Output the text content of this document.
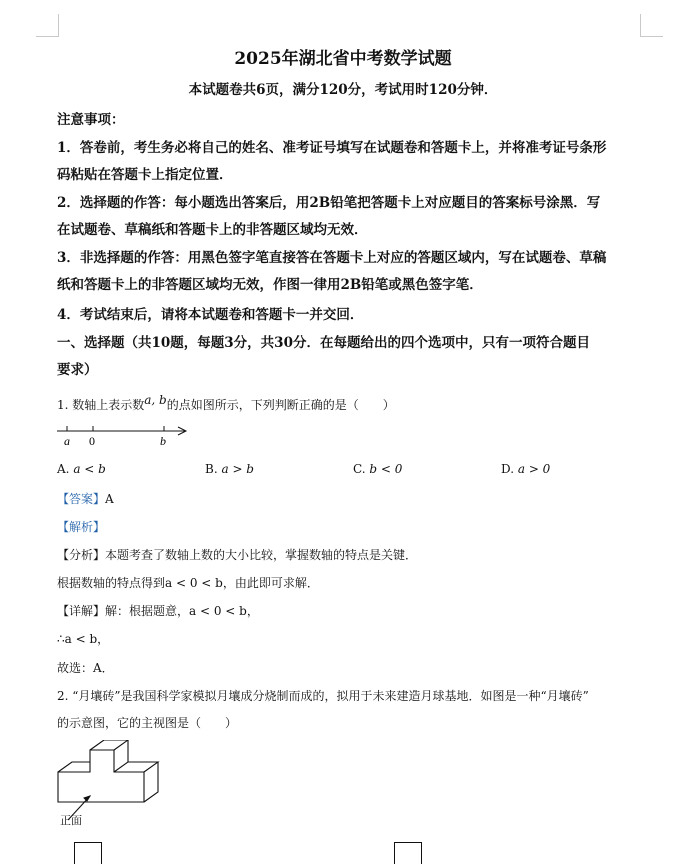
2025年湖北省中考数学试题
本试题卷共6页，满分120分，考试用时120分钟．
注意事项：
1．答卷前，考生务必将自己的姓名、准考证号填写在试题卷和答题卡上，并将准考证号条形
码粘贴在答题卡上指定位置．
2．选择题的作答：每小题选出答案后，用2B铅笔把答题卡上对应题目的答案标号涂黑．写
在试题卷、草稿纸和答题卡上的非答题区域均无效．
3．非选择题的作答：用黑色签字笔直接答在答题卡上对应的答题区域内，写在试题卷、草稿
纸和答题卡上的非答题区域均无效，作图一律用2B铅笔或黑色签字笔．
4．考试结束后，请将本试题卷和答题卡一并交回．
一、选择题（共10题，每题3分，共30分．在每题给出的四个选项中，只有一项符合题目
要求）
1. 数轴上表示数a, b的点如图所示，下列判断正确的是（　　）
a 0	b
A. a < b	B. a > b	C. b < 0	D. a > 0
【答案】A
【解析】
【分析】本题考查了数轴上数的大小比较，掌握数轴的特点是关键．
根据数轴的特点得到a < 0 < b，由此即可求解．
【详解】解：根据题意，a < 0 < b，
∴a < b，
故选：A．
2. “月壤砖”是我国科学家模拟月壤成分烧制而成的，拟用于未来建造月球基地．如图是一种“月壤砖”
的示意图，它的主视图是（　　）
正面
